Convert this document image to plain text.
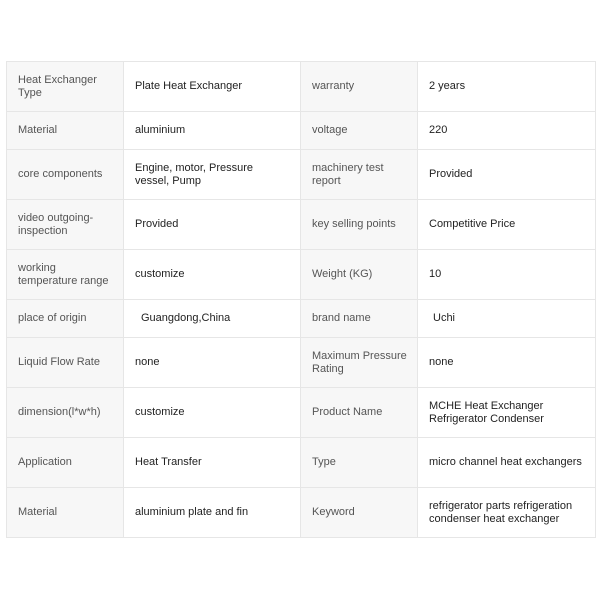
Heat Exchanger Type	Plate Heat Exchanger	warranty	2 years
Material	aluminium	voltage	220
core components	Engine, motor, Pressure vessel, Pump	machinery test report	Provided
video outgoing-inspection	Provided	key selling points	Competitive Price
working temperature range	customize	Weight (KG)	10
place of origin	Guangdong,China	brand name	Uchi
Liquid Flow Rate	none	Maximum Pressure Rating	none
dimension(l*w*h)	customize	Product Name	MCHE Heat Exchanger Refrigerator Condenser
Application	Heat Transfer	Type	micro channel heat exchangers
Material	aluminium plate and fin	Keyword	refrigerator parts refrigeration condenser heat exchanger
